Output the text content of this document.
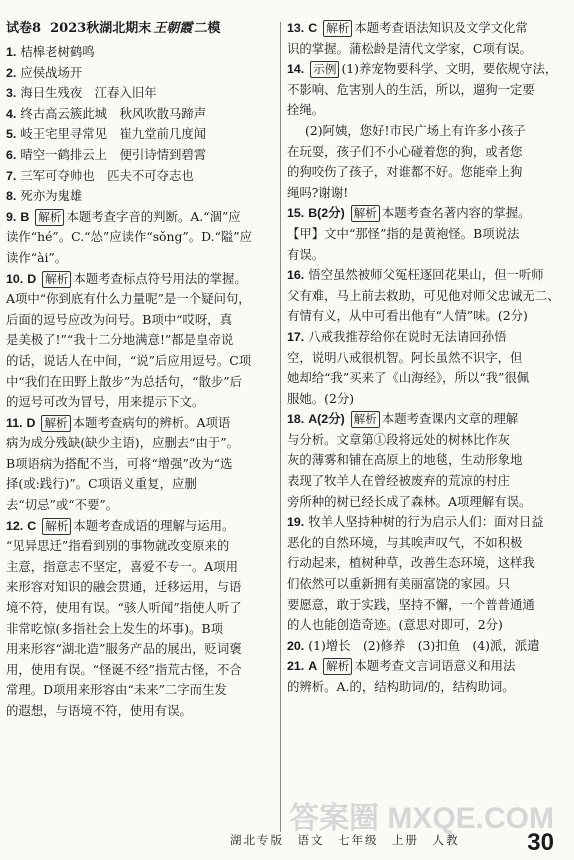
试卷8
2023秋湖北期末 王朝霞 二模
1. 桔槔老树鹤鸣
2. 应侯战场开
3. 海日生残夜　江春入旧年
4. 终古高云簇此城　秋风吹散马蹄声
5. 岐王宅里寻常见　崔九堂前几度闻
6. 晴空一鹤排云上　便引诗情到碧霄
7. 三军可夺帅也　匹夫不可夺志也
8. 死亦为鬼雄
9. B 解析 本题考查字音的判断。A.“涸”应
读作“hé”。C.“怂”应读作“sǒng”。D.“隘”应
读作“ài”。
10. D 解析 本题考查标点符号用法的掌握。
A项中“你到底有什么力量呢”是一个疑问句，
后面的逗号应改为问号。B项中“哎呀，真
是美极了!”“我十二分地满意!”都是皇帝说
的话，说话人在中间，“说”后应用逗号。C项
中“我们在田野上散步”为总括句，“散步”后
的逗号可改为冒号，用来提示下文。
11. D 解析 本题考查病句的辨析。A项语
病为成分残缺(缺少主语)，应删去“由于”。
B项语病为搭配不当，可将“增强”改为“选
择(或:践行)”。C项语义重复，应删
去“切忌”或“不要”。
12. C 解析 本题考查成语的理解与运用。
“见异思迁”指看到别的事物就改变原来的
主意，指意志不坚定，喜爱不专一。A项用
来形容对知识的融会贯通，迁移运用，与语
境不符，使用有误。“骇人听闻”指使人听了
非常吃惊(多指社会上发生的坏事)。B项
用来形容“湖北造”服务产品的展出，贬词褒
用，使用有误。“怪诞不经”指荒古怪，不合
常理。D项用来形容由“未来”二字而生发
的遐想，与语境不符，使用有误。
13. C 解析 本题考查语法知识及文学文化常
识的掌握。蒲松龄是清代文学家，C项有误。
14. 示例 (1)养宠物要科学、文明，要依规守法，
不影响、危害别人的生活，所以，遛狗一定要
拴绳。
(2)阿姨，您好!市民广场上有许多小孩子
在玩耍，孩子们不小心碰着您的狗，或者您
的狗咬伤了孩子，对谁都不好。您能牵上狗
绳吗?谢谢!
15. B(2分) 解析 本题考查名著内容的掌握。
【甲】文中“那怪”指的是黄袍怪。B项说法
有误。
16. 悟空虽然被师父冤枉逐回花果山，但一听师
父有难，马上前去救助，可见他对师父忠诚无二、
有情有义，从中可看出他有“人情”味。(2分)
17. 八戒我推荐给你在说时无法请回孙悟
空，说明八戒很机智。阿长虽然不识字，但
她却给“我”买来了《山海经》，所以“我”很佩
服她。(2分)
18. A(2分) 解析 本题考查课内文章的理解
与分析。文章第①段将远处的树林比作灰
灰的薄雾和铺在高原上的地毯，生动形象地
表现了牧羊人在曾经被废弃的荒凉的村庄
旁所种的树已经长成了森林。A项理解有误。
19. 牧羊人坚持种树的行为启示人们：面对日益
恶化的自然环境，与其唉声叹气，不如积极
行动起来，植树种草，改善生态环境，这样我
们依然可以重新拥有美丽富饶的家园。只
要愿意，敢于实践，坚持不懈，一个普普通通
的人也能创造奇迹。(意思对即可，2分)
20. (1)增长　(2)修养　(3)扣鱼　(4)派，派遣
21. A 解析 本题考查文言词语意义和用法
的辨析。A.的，结构助词/的，结构助词。
答案圈 MXQE.COM
湖北专版　语文　七年级　上册　人教	30
